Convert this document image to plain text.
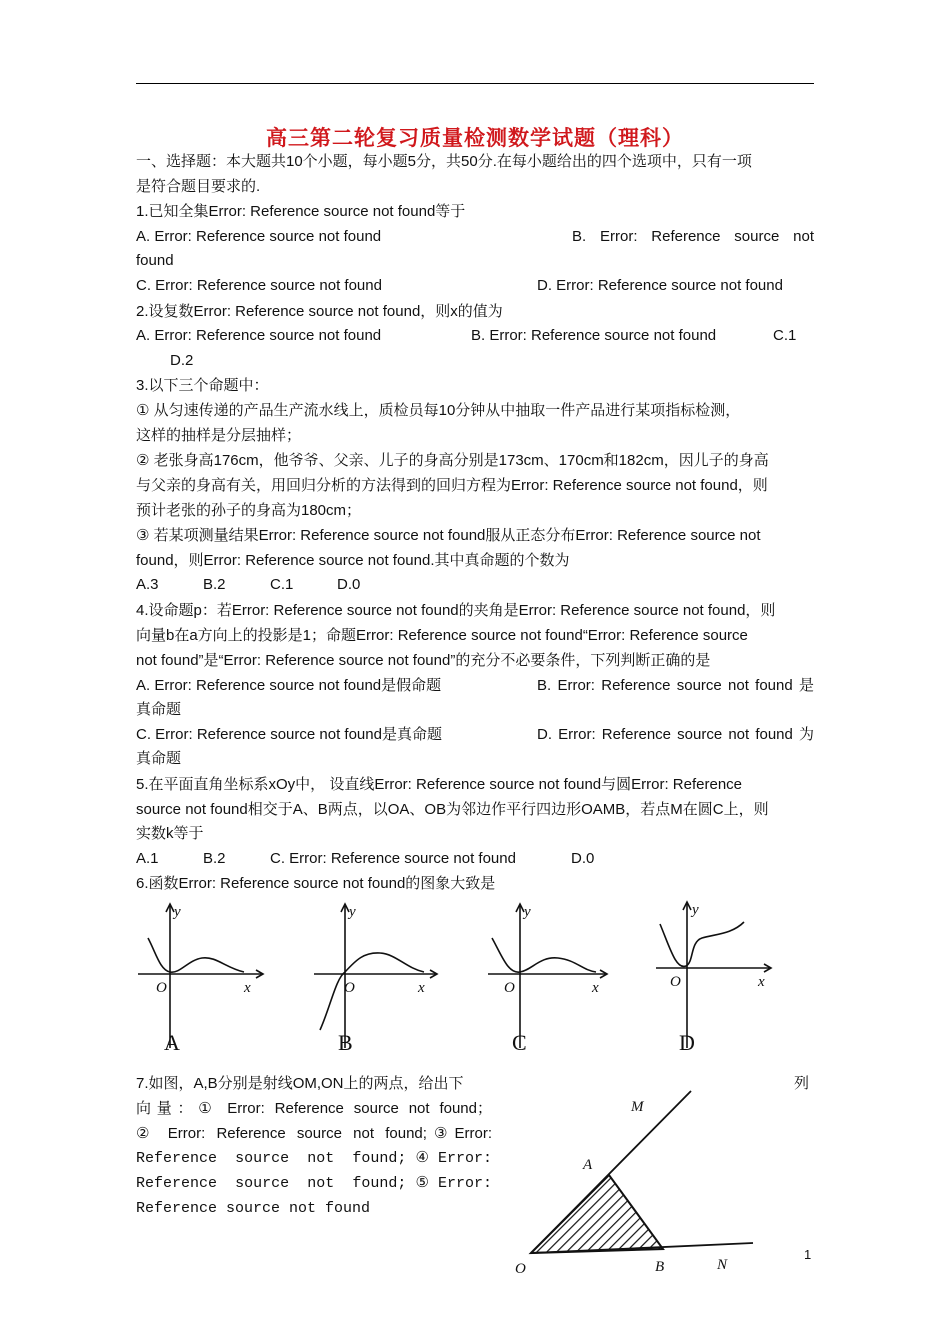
高三第二轮复习质量检测数学试题（理科）
一、选择题：本大题共10个小题，每小题5分，共50分.在每小题给出的四个选项中，只有一项
是符合题目要求的.
1.已知全集Error: Reference source not found等于
A. Error: Reference source not found	B. Error: Reference source not
found
C. Error: Reference source not found	D. Error: Reference source not found
2.设复数Error: Reference source not found，则x的值为
A. Error: Reference source not found	B. Error: Reference source not found	C.1
D.2
3.以下三个命题中：
① 从匀速传递的产品生产流水线上，质检员每10分钟从中抽取一件产品进行某项指标检测，
这样的抽样是分层抽样；
② 老张身高176cm，他爷爷、父亲、儿子的身高分别是173cm、170cm和182cm，因儿子的身高
与父亲的身高有关，用回归分析的方法得到的回归方程为Error: Reference source not found，则
预计老张的孙子的身高为180cm；
③ 若某项测量结果Error: Reference source not found服从正态分布Error: Reference source not
found，则Error: Reference source not found.其中真命题的个数为
A.3	B.2	C.1	D.0
4.设命题p：若Error: Reference source not found的夹角是Error: Reference source not found，则
向量b在a方向上的投影是1；命题Error: Reference source not found“Error: Reference source
not found”是“Error: Reference source not found”的充分不必要条件，下列判断正确的是
A. Error: Reference source not found是假命题	B. Error: Reference source not found 是
真命题
C. Error: Reference source not found是真命题	D. Error: Reference source not found 为
真命题
5.在平面直角坐标系xOy中， 设直线Error: Reference source not found与圆Error: Reference
source not found相交于A、B两点，以OA、OB为邻边作平行四边形OAMB，若点M在圆C上，则
实数k等于
A.1	B.2	C. Error: Reference source not found	D.0
6.函数Error: Reference source not found的图象大致是
y
x
O
A
y
x
O
B
y
x
O
C
y
x
O
D
7.如图，A,B分别是射线OM,ON上的两点，给出下	列
向量：① Error: Reference source not found；
② Error: Reference source not found;③Error:
Reference source not found;④Error:
Reference source not found;⑤Error:
Reference source not found
M
A
O	B	N
1
